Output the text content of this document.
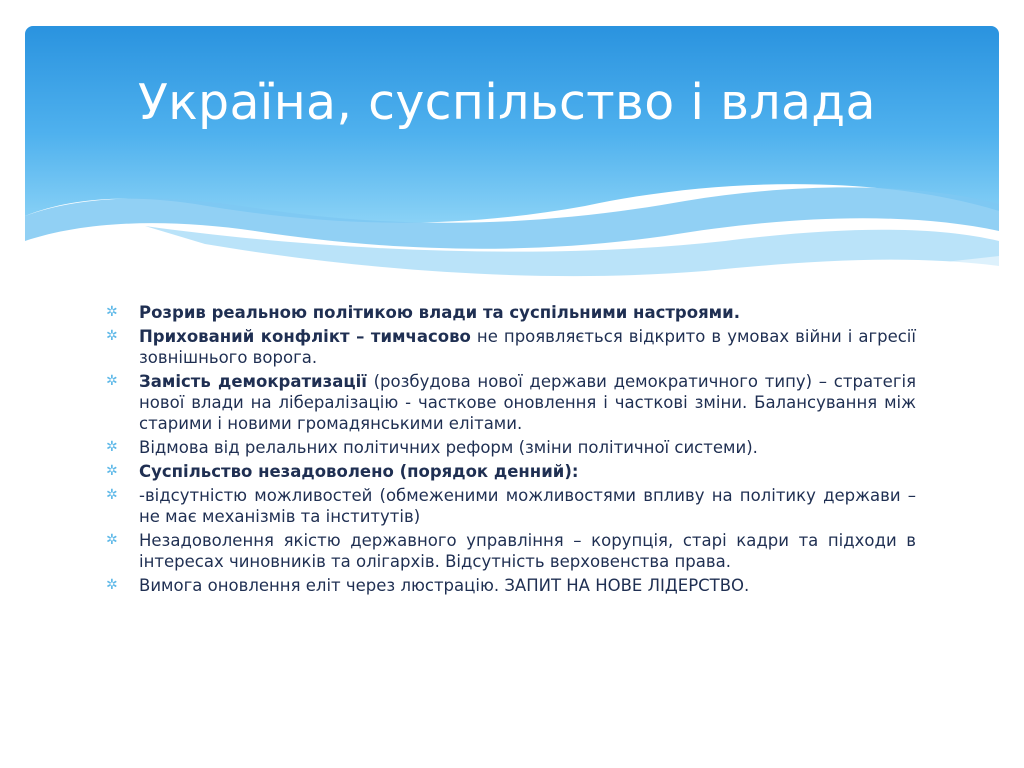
Україна, суспільство і влада
✲ Розрив реальною політикою влади та суспільними настроями.
✲ Прихований конфлікт – тимчасово не проявляється відкрито в умовах війни і агресії зовнішнього ворога.
✲ Замість демократизації (розбудова нової держави демократичного типу) – стратегія нової влади на лібералізацію - часткове оновлення і часткові зміни. Балансування між старими і новими громадянськими елітами.
✲ Відмова від релальних політичних реформ (зміни політичної системи).
✲ Суспільство незадоволено (порядок денний):
✲ -відсутністю можливостей (обмеженими можливостями впливу на політику держави – не має механізмів та інститутів)
✲ Незадоволення якістю державного управління – корупція, старі кадри та підходи в інтересах чиновників та олігархів. Відсутність верховенства права.
✲ Вимога оновлення еліт через люстрацію. ЗАПИТ НА НОВЕ ЛІДЕРСТВО.
